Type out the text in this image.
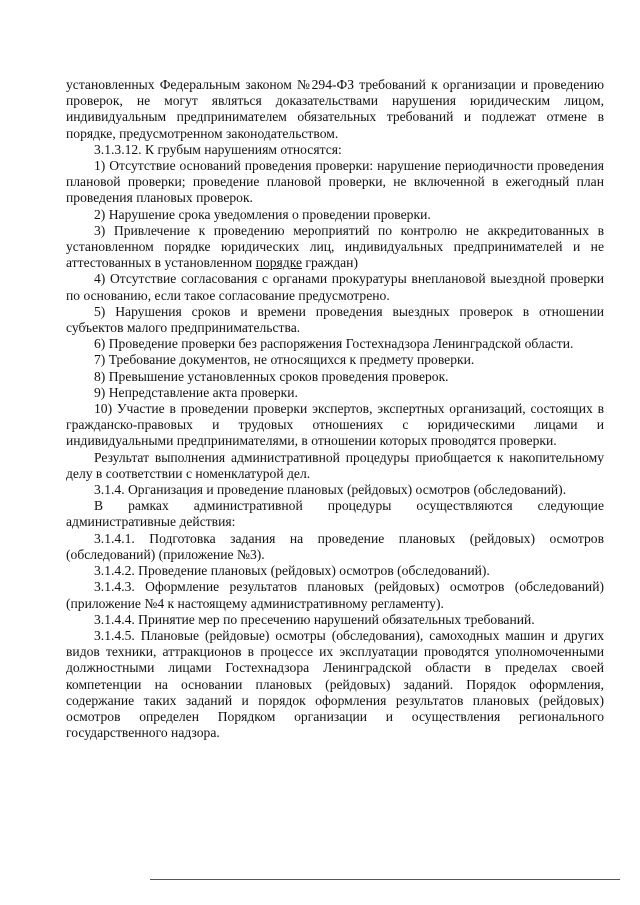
установленных Федеральным законом №294-ФЗ требований к организации и проведению проверок, не могут являться доказательствами нарушения юридическим лицом, индивидуальным предпринимателем обязательных требований и подлежат отмене в порядке, предусмотренном законодательством.

3.1.3.12. К грубым нарушениям относятся:

1) Отсутствие оснований проведения проверки: нарушение периодичности проведения плановой проверки; проведение плановой проверки, не включенной в ежегодный план проведения плановых проверок.

2) Нарушение срока уведомления о проведении проверки.

3) Привлечение к проведению мероприятий по контролю не аккредитованных в установленном порядке юридических лиц, индивидуальных предпринимателей и не аттестованных в установленном порядке граждан)

4) Отсутствие согласования с органами прокуратуры внеплановой выездной проверки по основанию, если такое согласование предусмотрено.

5) Нарушения сроков и времени проведения выездных проверок в отношении субъектов малого предпринимательства.

6) Проведение проверки без распоряжения Гостехнадзора Ленинградской области.

7) Требование документов, не относящихся к предмету проверки.

8) Превышение установленных сроков проведения проверок.

9) Непредставление акта проверки.

10) Участие в проведении проверки экспертов, экспертных организаций, состоящих в гражданско-правовых и трудовых отношениях с юридическими лицами и индивидуальными предпринимателями, в отношении которых проводятся проверки.

Результат выполнения административной процедуры приобщается к накопительному делу в соответствии с номенклатурой дел.

3.1.4. Организация и проведение плановых (рейдовых) осмотров (обследований).

В рамках административной процедуры осуществляются следующие административные действия:

3.1.4.1. Подготовка задания на проведение плановых (рейдовых) осмотров (обследований) (приложение №3).

3.1.4.2. Проведение плановых (рейдовых) осмотров (обследований).

3.1.4.3. Оформление результатов плановых (рейдовых) осмотров (обследований) (приложение №4 к настоящему административному регламенту).

3.1.4.4. Принятие мер по пресечению нарушений обязательных требований.

3.1.4.5. Плановые (рейдовые) осмотры (обследования), самоходных машин и других видов техники, аттракционов в процессе их эксплуатации проводятся уполномоченными должностными лицами Гостехнадзора Ленинградской области в пределах своей компетенции на основании плановых (рейдовых) заданий. Порядок оформления, содержание таких заданий и порядок оформления результатов плановых (рейдовых) осмотров определен Порядком организации и осуществления регионального государственного надзора.
